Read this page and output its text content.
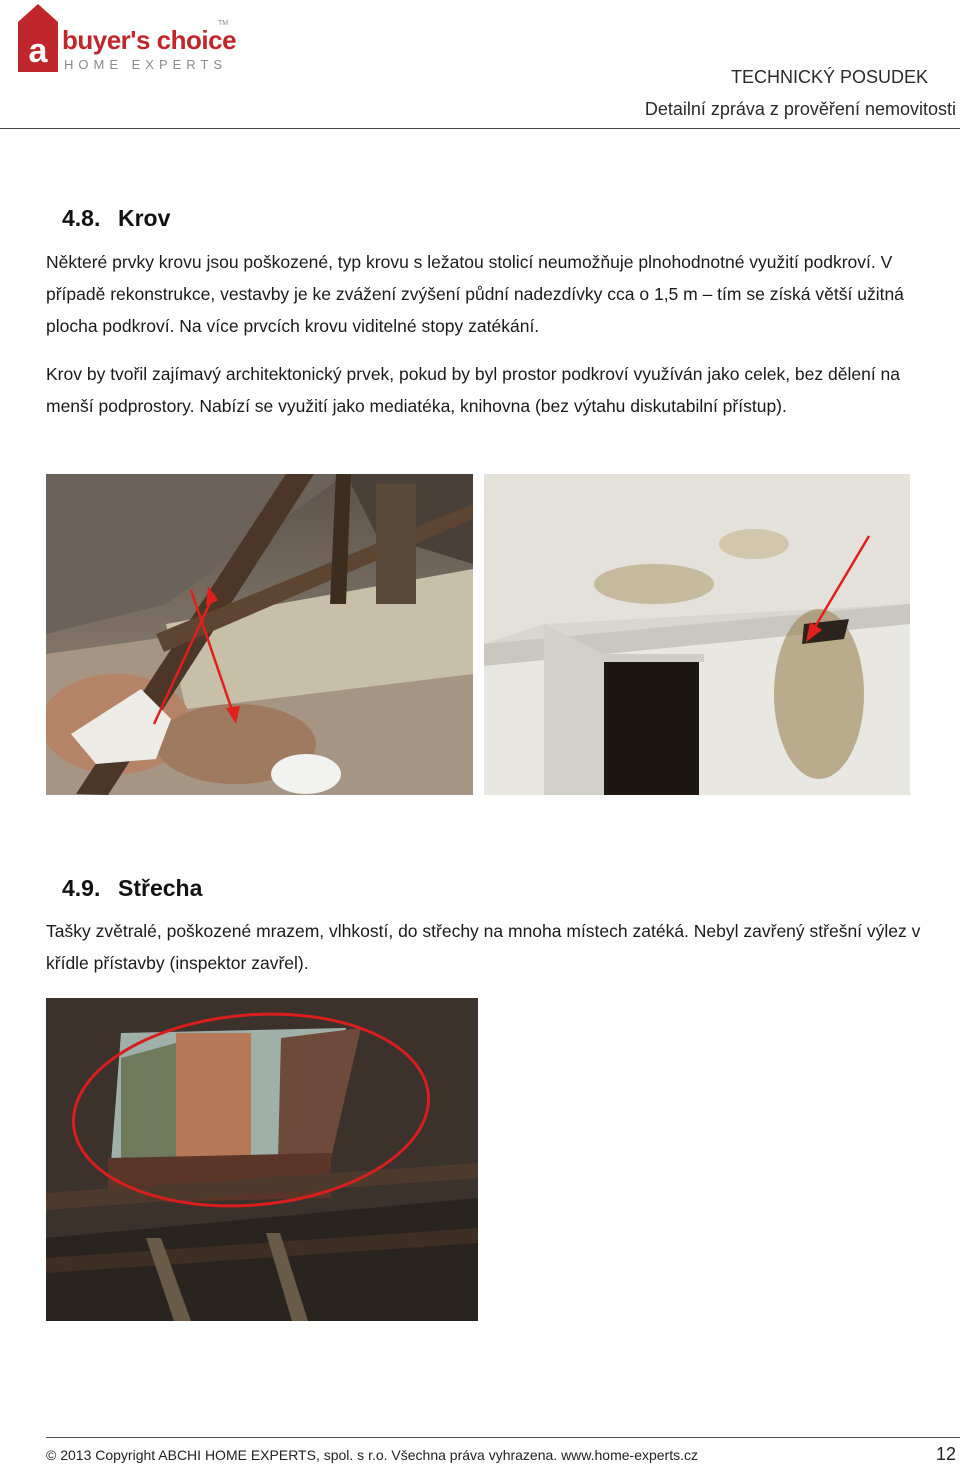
a buyer's choice
TM
HOME EXPERTS
TECHNICKÝ POSUDEK
Detailní zpráva z prověření nemovitosti
4.8. Krov

Některé prvky krovu jsou poškozené, typ krovu s ležatou stolicí neumožňuje plnohodnotné využití podkroví. V případě rekonstrukce, vestavby je ke zvážení zvýšení půdní nadezdívky cca o 1,5 m – tím se získá větší užitná plocha podkroví. Na více prvcích krovu viditelné stopy zatékání.

Krov by tvořil zajímavý architektonický prvek, pokud by byl prostor podkroví využíván jako celek, bez dělení na menší podprostory. Nabízí se využití jako mediatéka, knihovna (bez výtahu diskutabilní přístup).

4.9. Střecha

Tašky zvětralé, poškozené mrazem, vlhkostí, do střechy na mnoha místech zatéká. Nebyl zavřený střešní výlez v křídle přístavby (inspektor zavřel).

© 2013 Copyright ABCHI HOME EXPERTS, spol. s r.o. Všechna práva vyhrazena. www.home-experts.cz	12
